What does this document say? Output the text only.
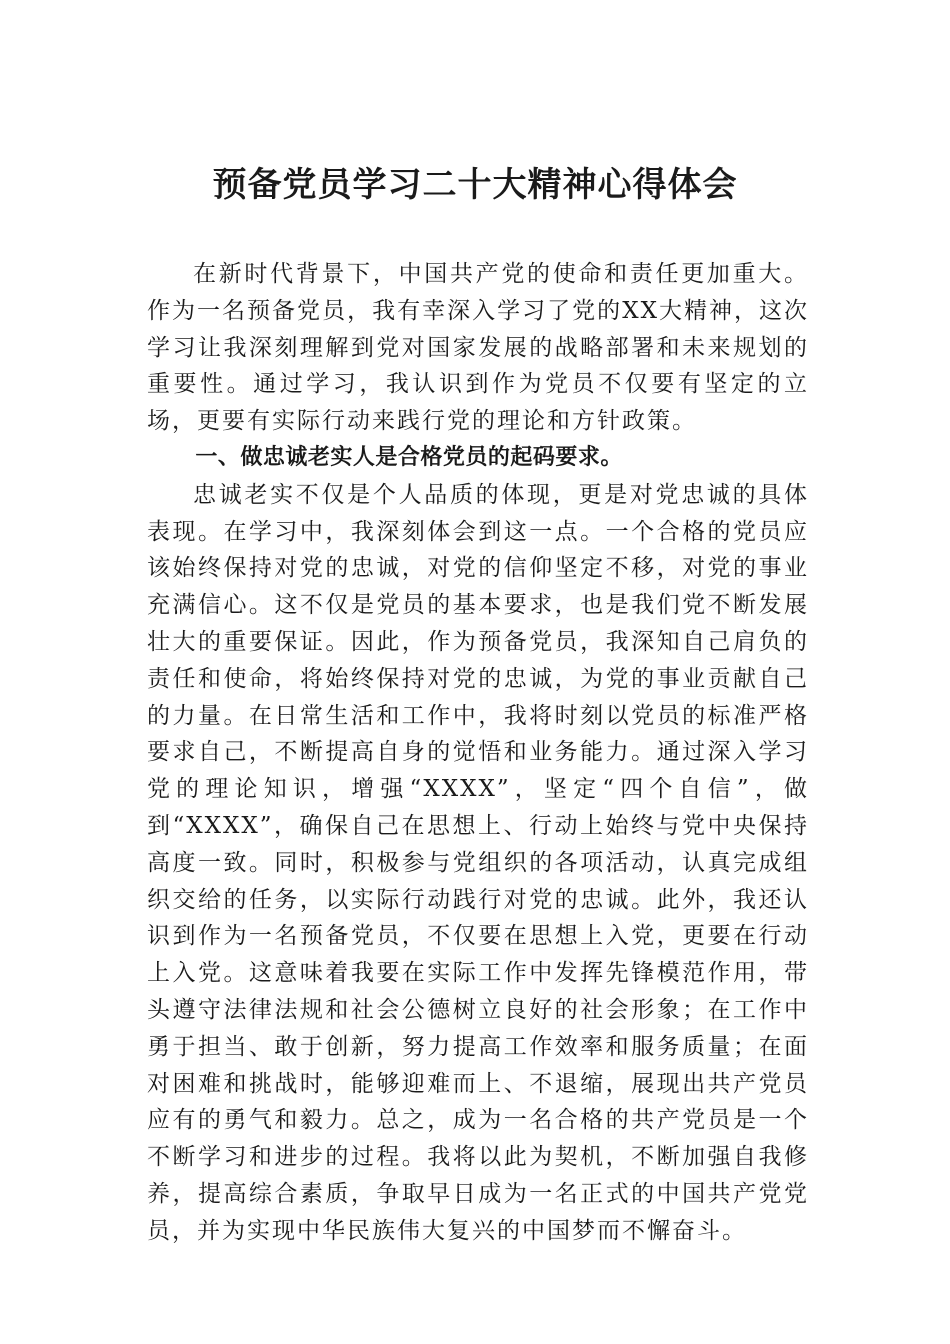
预备党员学习二十大精神心得体会

在新时代背景下，中国共产党的使命和责任更加重大。作为一名预备党员，我有幸深入学习了党的XX大精神，这次学习让我深刻理解到党对国家发展的战略部署和未来规划的重要性。通过学习，我认识到作为党员不仅要有坚定的立场，更要有实际行动来践行党的理论和方针政策。

一、做忠诚老实人是合格党员的起码要求。

忠诚老实不仅是个人品质的体现，更是对党忠诚的具体表现。在学习中，我深刻体会到这一点。一个合格的党员应该始终保持对党的忠诚，对党的信仰坚定不移，对党的事业充满信心。这不仅是党员的基本要求，也是我们党不断发展壮大的重要保证。因此，作为预备党员，我深知自己肩负的责任和使命，将始终保持对党的忠诚，为党的事业贡献自己的力量。在日常生活和工作中，我将时刻以党员的标准严格要求自己，不断提高自身的觉悟和业务能力。通过深入学习党的理论知识，增强“XXXX”，坚定“四个自信”，做到“XXXX”，确保自己在思想上、行动上始终与党中央保持高度一致。同时，积极参与党组织的各项活动，认真完成组织交给的任务，以实际行动践行对党的忠诚。此外，我还认识到作为一名预备党员，不仅要在思想上入党，更要在行动上入党。这意味着我要在实际工作中发挥先锋模范作用，带头遵守法律法规和社会公德树立良好的社会形象；在工作中勇于担当、敢于创新，努力提高工作效率和服务质量；在面对困难和挑战时，能够迎难而上、不退缩，展现出共产党员应有的勇气和毅力。总之，成为一名合格的共产党员是一个不断学习和进步的过程。我将以此为契机，不断加强自我修养，提高综合素质，争取早日成为一名正式的中国共产党党员，并为实现中华民族伟大复兴的中国梦而不懈奋斗。
